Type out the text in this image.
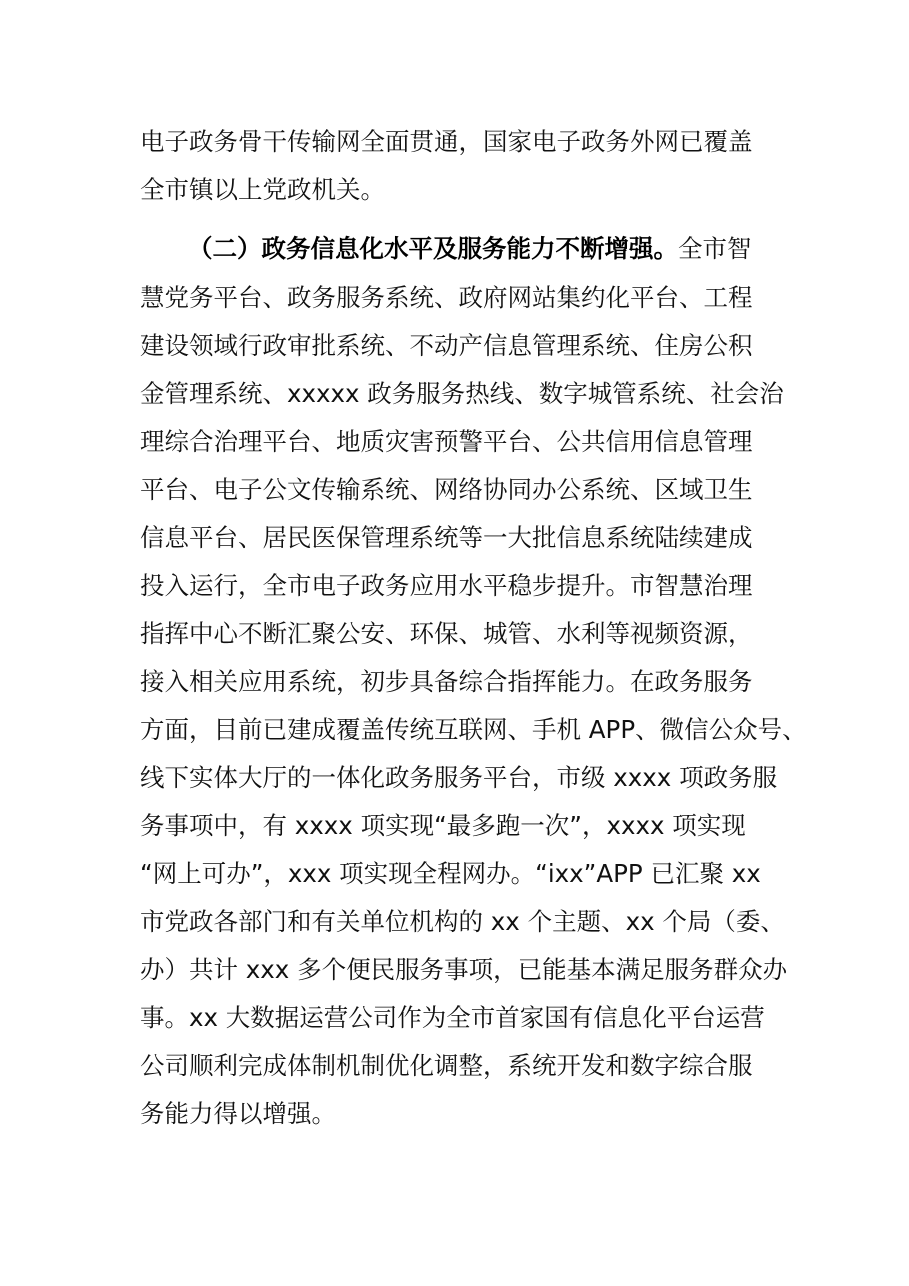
电子政务骨干传输网全面贯通，国家电子政务外网已覆盖
全市镇以上党政机关。
（二）政务信息化水平及服务能力不断增强。全市智
慧党务平台、政务服务系统、政府网站集约化平台、工程
建设领域行政审批系统、不动产信息管理系统、住房公积
金管理系统、xxxxx 政务服务热线、数字城管系统、社会治
理综合治理平台、地质灾害预警平台、公共信用信息管理
平台、电子公文传输系统、网络协同办公系统、区域卫生
信息平台、居民医保管理系统等一大批信息系统陆续建成
投入运行，全市电子政务应用水平稳步提升。市智慧治理
指挥中心不断汇聚公安、环保、城管、水利等视频资源，
接入相关应用系统，初步具备综合指挥能力。在政务服务
方面，目前已建成覆盖传统互联网、手机 APP、微信公众号、
线下实体大厅的一体化政务服务平台，市级 xxxx 项政务服
务事项中，有 xxxx 项实现“最多跑一次”，xxxx 项实现
“网上可办”，xxx 项实现全程网办。“ixx”APP 已汇聚 xx
市党政各部门和有关单位机构的 xx 个主题、xx 个局（委、
办）共计 xxx 多个便民服务事项，已能基本满足服务群众办
事。xx 大数据运营公司作为全市首家国有信息化平台运营
公司顺利完成体制机制优化调整，系统开发和数字综合服
务能力得以增强。
